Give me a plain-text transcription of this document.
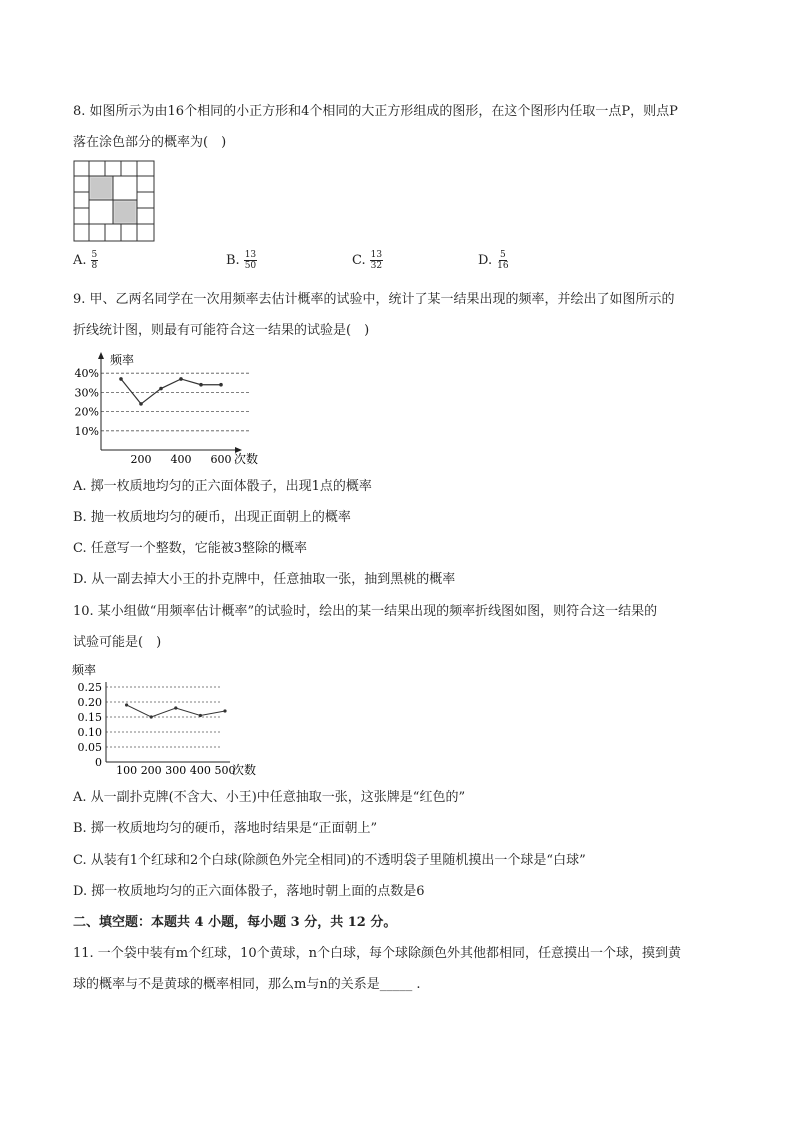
8. 如图所示为由16个相同的小正方形和4个相同的大正方形组成的图形，在这个图形内任取一点P，则点P
落在涂色部分的概率为(　)
A. $\frac{5}{8}$	B. $\frac{13}{50}$	C. $\frac{13}{32}$	D. $\frac{5}{16}$
9. 甲、乙两名同学在一次用频率去估计概率的试验中，统计了某一结果出现的频率，并绘出了如图所示的
折线统计图，则最有可能符合这一结果的试验是(　)
10%
20%
30%
40%
200 400 600
频率
次数
A. 掷一枚质地均匀的正六面体骰子，出现1点的概率
B. 抛一枚质地均匀的硬币，出现正面朝上的概率
C. 任意写一个整数，它能被3整除的概率
D. 从一副去掉大小王的扑克牌中，任意抽取一张，抽到黑桃的概率
10. 某小组做“用频率估计概率”的试验时，绘出的某一结果出现的频率折线图如图，则符合这一结果的
试验可能是(　)
0
0.05
0.10
0.15
0.20
0.25
100 200 300 400 500
频率
次数
A. 从一副扑克牌(不含大、小王)中任意抽取一张，这张牌是“红色的”
B. 掷一枚质地均匀的硬币，落地时结果是“正面朝上”
C. 从装有1个红球和2个白球(除颜色外完全相同)的不透明袋子里随机摸出一个球是“白球”
D. 掷一枚质地均匀的正六面体骰子，落地时朝上面的点数是6
二、填空题：本题共 4 小题，每小题 3 分，共 12 分。
11. 一个袋中装有m个红球，10个黄球，n个白球，每个球除颜色外其他都相同，任意摸出一个球，摸到黄
球的概率与不是黄球的概率相同，那么m与n的关系是_____ .
